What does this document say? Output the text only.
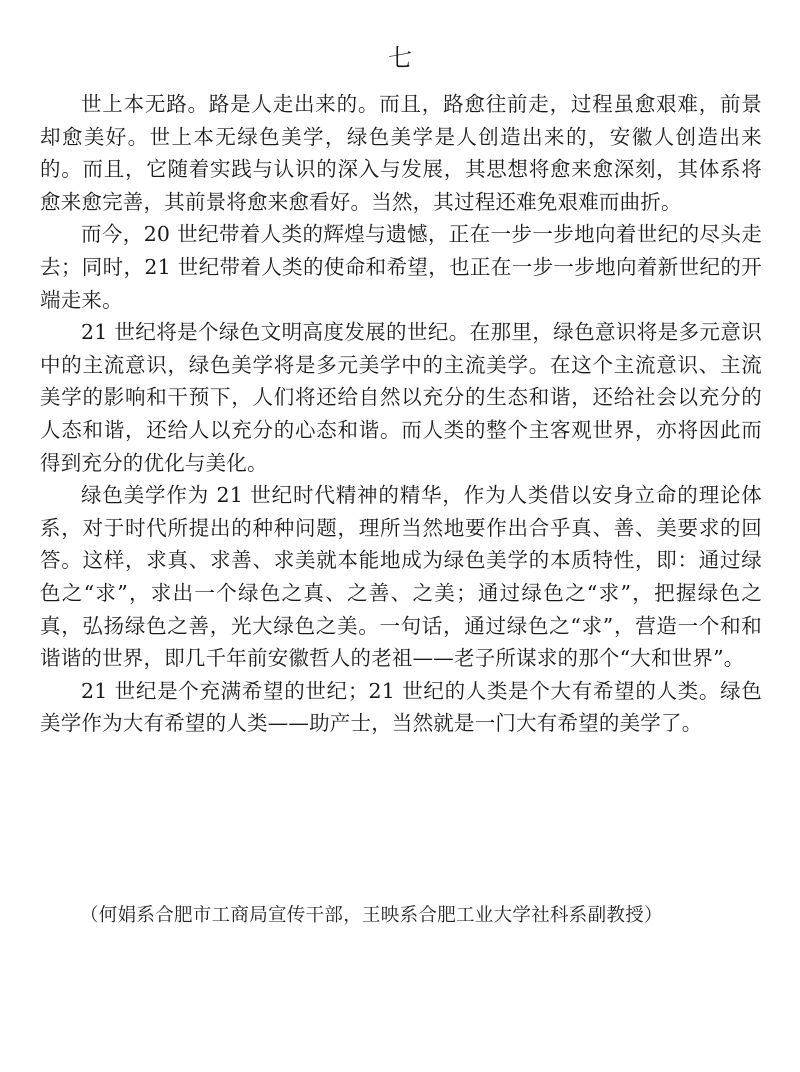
七

世上本无路。路是人走出来的。而且，路愈往前走，过程虽愈艰难，前景却愈美好。世上本无绿色美学，绿色美学是人创造出来的，安徽人创造出来的。而且，它随着实践与认识的深入与发展，其思想将愈来愈深刻，其体系将愈来愈完善，其前景将愈来愈看好。当然，其过程还难免艰难而曲折。

而今，20 世纪带着人类的辉煌与遗憾，正在一步一步地向着世纪的尽头走去；同时，21 世纪带着人类的使命和希望，也正在一步一步地向着新世纪的开端走来。

21 世纪将是个绿色文明高度发展的世纪。在那里，绿色意识将是多元意识中的主流意识，绿色美学将是多元美学中的主流美学。在这个主流意识、主流美学的影响和干预下，人们将还给自然以充分的生态和谐，还给社会以充分的人态和谐，还给人以充分的心态和谐。而人类的整个主客观世界，亦将因此而得到充分的优化与美化。

绿色美学作为 21 世纪时代精神的精华，作为人类借以安身立命的理论体系，对于时代所提出的种种问题，理所当然地要作出合乎真、善、美要求的回答。这样，求真、求善、求美就本能地成为绿色美学的本质特性，即：通过绿色之“求”，求出一个绿色之真、之善、之美；通过绿色之“求”，把握绿色之真，弘扬绿色之善，光大绿色之美。一句话，通过绿色之“求”，营造一个和和谐谐的世界，即几千年前安徽哲人的老祖——老子所谋求的那个“大和世界”。

21 世纪是个充满希望的世纪；21 世纪的人类是个大有希望的人类。绿色美学作为大有希望的人类——助产士，当然就是一门大有希望的美学了。

（何娟系合肥市工商局宣传干部，王映系合肥工业大学社科系副教授）
